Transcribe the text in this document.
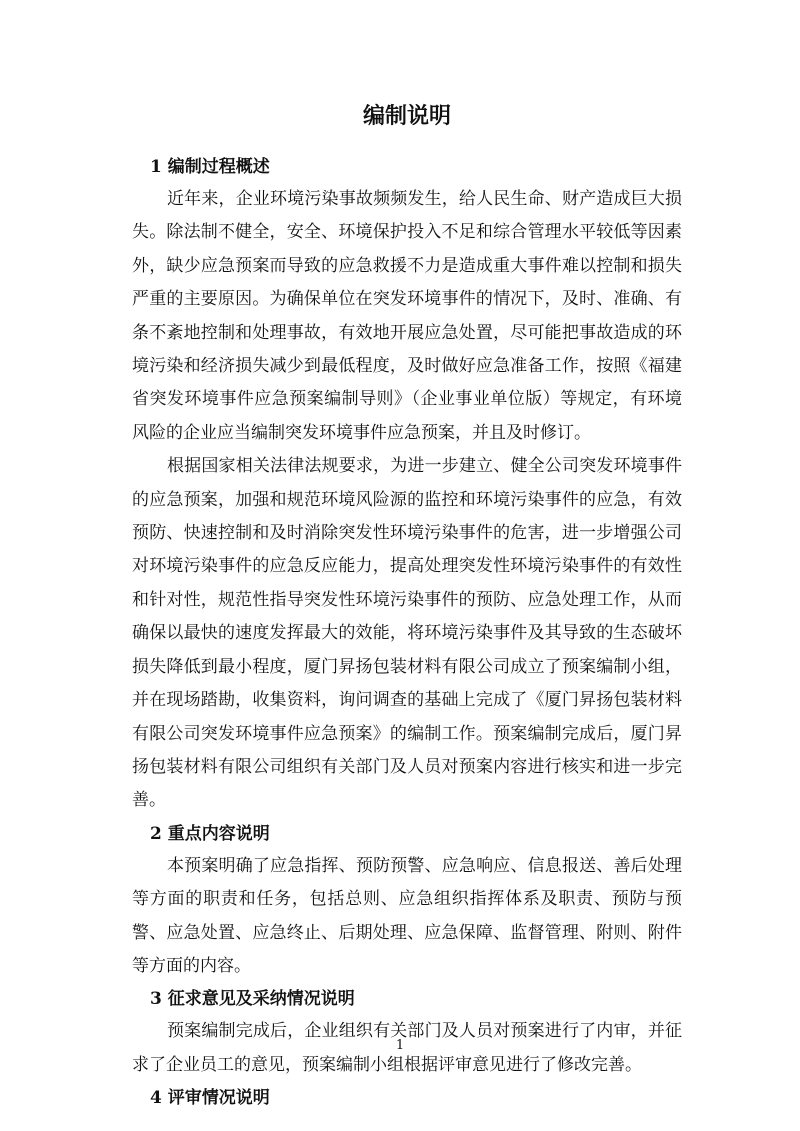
编制说明

1 编制过程概述

近年来，企业环境污染事故频频发生，给人民生命、财产造成巨大损失。除法制不健全，安全、环境保护投入不足和综合管理水平较低等因素外，缺少应急预案而导致的应急救援不力是造成重大事件难以控制和损失严重的主要原因。为确保单位在突发环境事件的情况下，及时、准确、有条不紊地控制和处理事故，有效地开展应急处置，尽可能把事故造成的环境污染和经济损失减少到最低程度，及时做好应急准备工作，按照《福建省突发环境事件应急预案编制导则》（企业事业单位版）等规定，有环境风险的企业应当编制突发环境事件应急预案，并且及时修订。

根据国家相关法律法规要求，为进一步建立、健全公司突发环境事件的应急预案，加强和规范环境风险源的监控和环境污染事件的应急，有效预防、快速控制和及时消除突发性环境污染事件的危害，进一步增强公司对环境污染事件的应急反应能力，提高处理突发性环境污染事件的有效性和针对性，规范性指导突发性环境污染事件的预防、应急处理工作，从而确保以最快的速度发挥最大的效能，将环境污染事件及其导致的生态破坏损失降低到最小程度，厦门昇扬包装材料有限公司成立了预案编制小组，并在现场踏勘，收集资料，询问调查的基础上完成了《厦门昇扬包装材料有限公司突发环境事件应急预案》的编制工作。预案编制完成后，厦门昇扬包装材料有限公司组织有关部门及人员对预案内容进行核实和进一步完善。

2 重点内容说明

本预案明确了应急指挥、预防预警、应急响应、信息报送、善后处理等方面的职责和任务，包括总则、应急组织指挥体系及职责、预防与预警、应急处置、应急终止、后期处理、应急保障、监督管理、附则、附件等方面的内容。

3 征求意见及采纳情况说明

预案编制完成后，企业组织有关部门及人员对预案进行了内审，并征求了企业员工的意见，预案编制小组根据评审意见进行了修改完善。

4 评审情况说明

1
